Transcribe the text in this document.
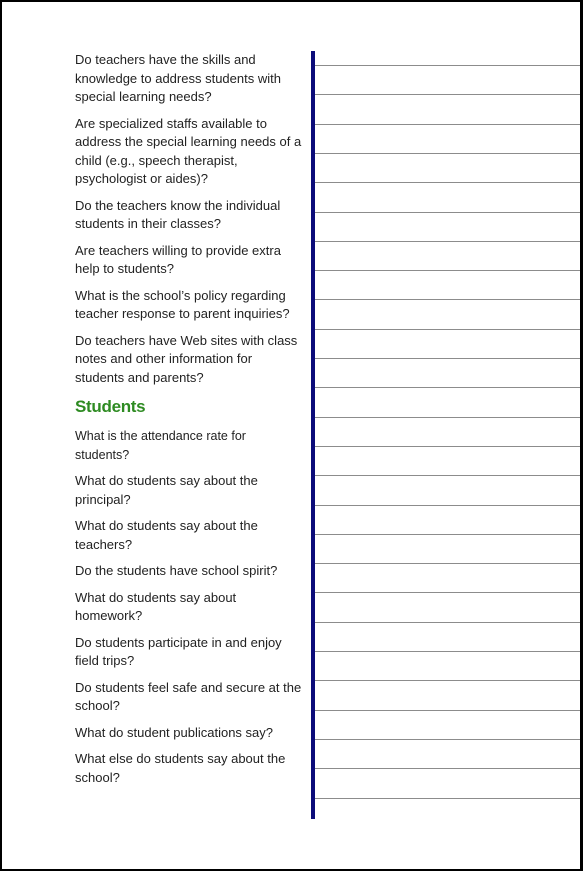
Do teachers have the skills and knowledge to address students with special learning needs?

Are specialized staffs available to address the special learning needs of a child (e.g., speech therapist, psychologist or aides)?

Do the teachers know the individual students in their classes?

Are teachers willing to provide extra help to students?

What is the school’s policy regarding teacher response to parent inquiries?

Do teachers have Web sites with class notes and other information for students and parents?

Students

What is the attendance rate for students?

What do students say about the principal?

What do students say about the teachers?

Do the students have school spirit?

What do students say about homework?

Do students participate in and enjoy field trips?

Do students feel safe and secure at the school?

What do student publications say?

What else do students say about the school?
